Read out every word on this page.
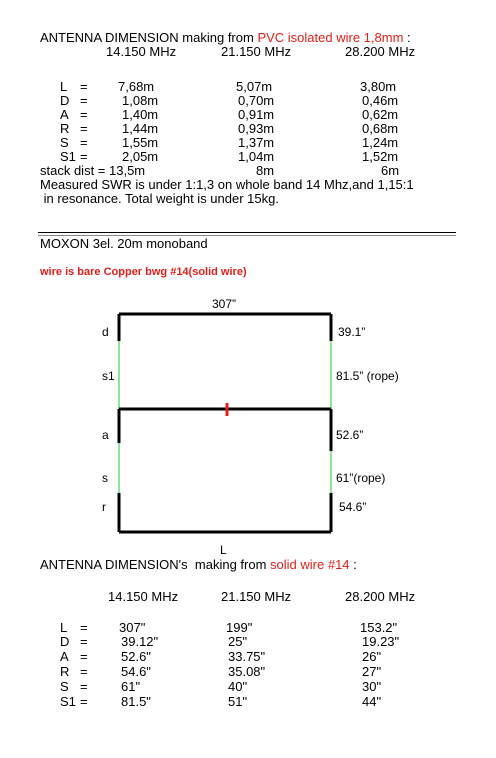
ANTENNA DIMENSION making from PVC isolated wire 1,8mm :
14.150 MHz	21.150 MHz	28.200 MHz
L = 7,68m	5,07m	3,80m
D =	1,08m	0,70m	0,46m
A =	1,40m	0,91m	0,62m
R =	1,44m	0,93m	0,68m
S =	1,55m	1,37m	1,24m
S1 =	2,05m	1,04m	1,52m
stack dist = 13,5m	8m	6m
Measured SWR is under 1:1,3 on whole band 14 Mhz,and 1,15:1
in resonance. Total weight is under 15kg.
MOXON 3el. 20m monoband
wire is bare Copper bwg #14(solid wire)
307”
d
s1
a
s
r
39.1”
81.5” (rope)
52.6”
61”(rope)
54.6”
L
ANTENNA DIMENSION's  making from solid wire #14 :
14.150 MHz	21.150 MHz	28.200 MHz
L = 307"	199"	153.2"
D =	39.12"	25"	19.23"
A =	52.6"	33.75"	26"
R =	54.6"	35.08"	27"
S =	61"	40"	30"
S1 =	81.5"	51"	44"
